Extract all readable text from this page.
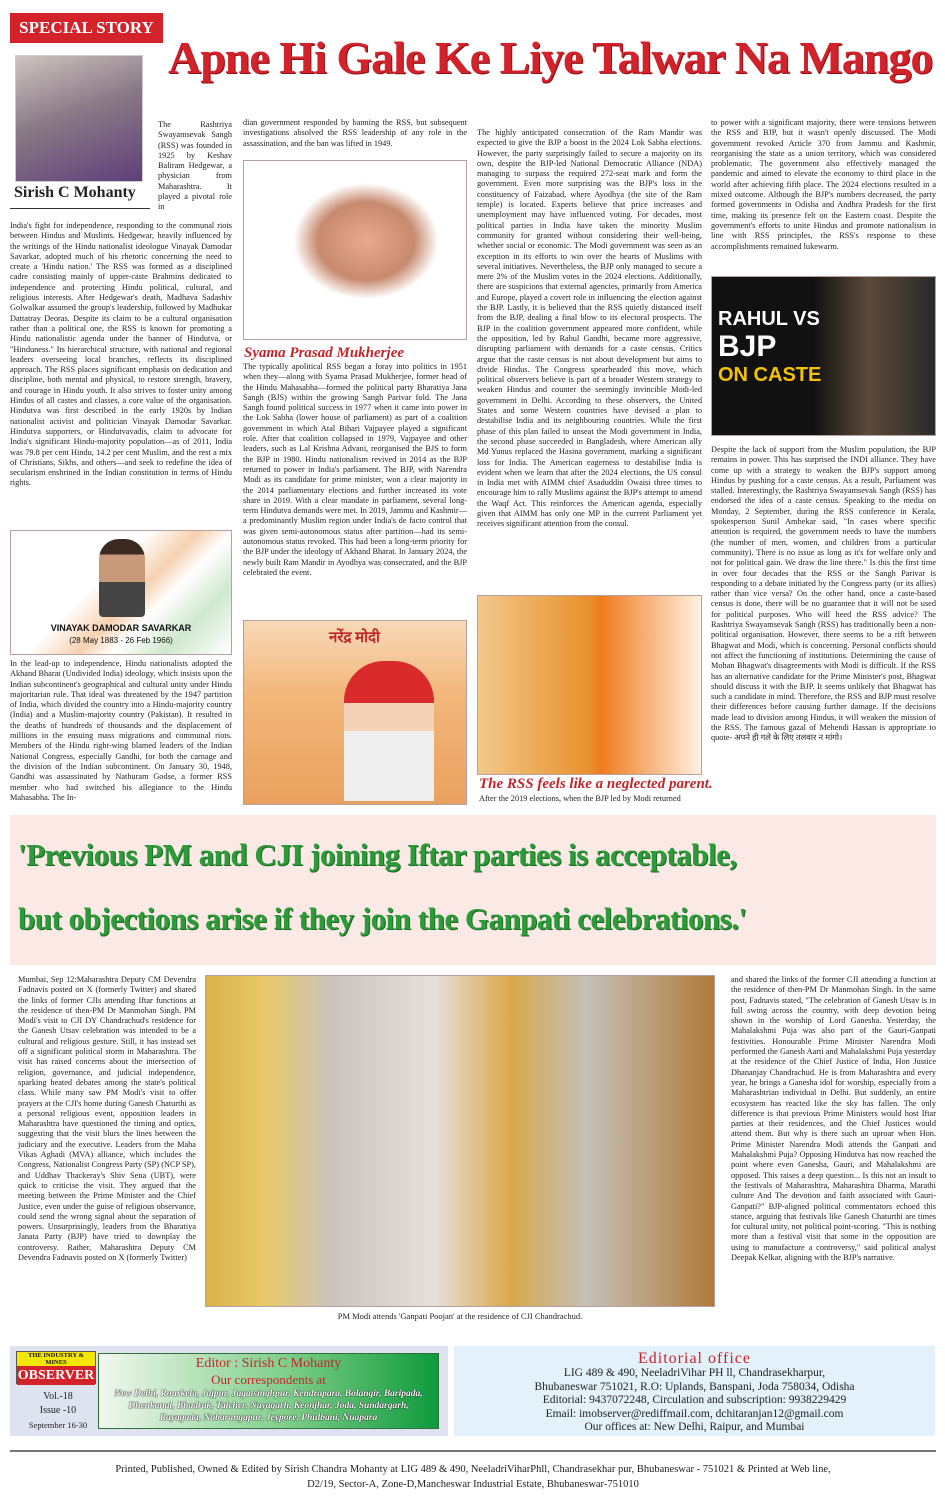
SPECIAL STORY
Apne Hi Gale Ke Liye Talwar Na Mango
Sirish C Mohanty
The Rashtriya Swayamsevak Sangh (RSS) was founded in 1925 by Keshav Baliram Hedgewar, a physician from Maharashtra. It played a pivotal role in
India's fight for independence, responding to the communal riots between Hindus and Muslims. Hedgewar, heavily influenced by the writings of the Hindu nationalist ideologue Vinayak Damodar Savarkar, adopted much of his rhetoric concerning the need to create a 'Hindu nation.' The RSS was formed as a disciplined cadre consisting mainly of upper-caste Brahmins dedicated to independence and protecting Hindu political, cultural, and religious interests. After Hedgewar's death, Madhava Sadashiv Golwalkar assumed the group's leadership, followed by Madhukar Dattatray Deoras. Despite its claim to be a cultural organisation rather than a political one, the RSS is known for promoting a Hindu nationalistic agenda under the banner of Hindutva, or "Hinduness." Its hierarchical structure, with national and regional leaders overseeing local branches, reflects its disciplined approach. The RSS places significant emphasis on dedication and discipline, both mental and physical, to restore strength, bravery, and courage in Hindu youth. It also strives to foster unity among Hindus of all castes and classes, a core value of the organisation. Hindutva was first described in the early 1920s by Indian nationalist activist and politician Vinayak Damodar Savarkar. Hindutva supporters, or Hindutvavadis, claim to advocate for India's significant Hindu-majority population—as of 2011, India was 79.8 per cent Hindu, 14.2 per cent Muslim, and the rest a mix of Christians, Sikhs, and others—and seek to redefine the idea of secularism enshrined in the Indian constitution in terms of Hindu rights.
VINAYAK DAMODAR SAVARKAR
(28 May 1883 - 26 Feb 1966)
In the lead-up to independence, Hindu nationalists adopted the Akhand Bharat (Undivided India) ideology, which insists upon the Indian subcontinent's geographical and cultural unity under Hindu majoritarian rule. That ideal was threatened by the 1947 partition of India, which divided the country into a Hindu-majority country (India) and a Muslim-majority country (Pakistan). It resulted in the deaths of hundreds of thousands and the displacement of millions in the ensuing mass migrations and communal riots. Members of the Hindu right-wing blamed leaders of the Indian National Congress, especially Gandhi, for both the carnage and the division of the Indian subcontinent. On January 30, 1948, Gandhi was assassinated by Nathuram Godse, a former RSS member who had switched his allegiance to the Hindu Mahasabha. The In-
dian government responded by banning the RSS, but subsequent investigations absolved the RSS leadership of any role in the assassination, and the ban was lifted in 1949.
Syama Prasad Mukherjee
The typically apolitical RSS began a foray into politics in 1951 when they—along with Syama Prasad Mukherjee, former head of the Hindu Mahasabha—formed the political party Bharatiya Jana Sangh (BJS) within the growing Sangh Parivar fold. The Jana Sangh found political success in 1977 when it came into power in the Lok Sabha (lower house of parliament) as part of a coalition government in which Atal Bihari Vajpayee played a significant role. After that coalition collapsed in 1979, Vajpayee and other leaders, such as Lal Krishna Advani, reorganised the BJS to form the BJP in 1980. Hindu nationalism revived in 2014 as the BJP returned to power in India's parliament. The BJP, with Narendra Modi as its candidate for prime minister, won a clear majority in the 2014 parliamentary elections and further increased its vote share in 2019. With a clear mandate in parliament, several long-term Hindutva demands were met. In 2019, Jammu and Kashmir—a predominantly Muslim region under India's de facto control that was given semi-autonomous status after partition—had its semi-autonomous status revoked. This had been a long-term priority for the BJP under the ideology of Akhand Bharat. In January 2024, the newly built Ram Mandir in Ayodhya was consecrated, and the BJP celebrated the event.
नरेंद्र मोदी
The highly anticipated consecration of the Ram Mandir was expected to give the BJP a boost in the 2024 Lok Sabha elections. However, the party surprisingly failed to secure a majority on its own, despite the BJP-led National Democratic Alliance (NDA) managing to surpass the required 272-seat mark and form the government. Even more surprising was the BJP's loss in the constituency of Faizabad, where Ayodhya (the site of the Ram temple) is located. Experts believe that price increases and unemployment may have influenced voting. For decades, most political parties in India have taken the minority Muslim community for granted without considering their well-being, whether social or economic. The Modi government was seen as an exception in its efforts to win over the hearts of Muslims with several initiatives. Nevertheless, the BJP only managed to secure a mere 2% of the Muslim votes in the 2024 elections. Additionally, there are suspicions that external agencies, primarily from America and Europe, played a covert role in influencing the election against the BJP. Lastly, it is believed that the RSS quietly distanced itself from the BJP, dealing a final blow to its electoral prospects. The BJP in the coalition government appeared more confident, while the opposition, led by Rahul Gandhi, became more aggressive, disrupting parliament with demands for a caste census. Critics argue that the caste census is not about development but aims to divide Hindus. The Congress spearheaded this move, which political observers believe is part of a broader Western strategy to weaken Hindus and counter the seemingly invincible Modi-led government in Delhi. According to these observers, the United States and some Western countries have devised a plan to destabilise India and its neighbouring countries. While the first phase of this plan failed to unseat the Modi government in India, the second phase succeeded in Bangladesh, where American ally Md Yunus replaced the Hasina government, marking a significant loss for India. The American eagerness to destabilise India is evident when we learn that after the 2024 elections, the US consul in India met with AIMM chief Asaduddin Owaisi three times to encourage him to rally Muslims against the BJP's attempt to amend the Waqf Act. This reinforces the American agenda, especially given that AIMM has only one MP in the current Parliament yet receives significant attention from the consul.
The RSS feels like a neglected parent.
After the 2019 elections, when the BJP led by Modi returned
to power with a significant majority, there were tensions between the RSS and BJP, but it wasn't openly discussed. The Modi government revoked Article 370 from Jammu and Kashmir, reorganising the state as a union territory, which was considered problematic. The government also effectively managed the pandemic and aimed to elevate the economy to third place in the world after achieving fifth place. The 2024 elections resulted in a mixed outcome. Although the BJP's numbers decreased, the party formed governments in Odisha and Andhra Pradesh for the first time, making its presence felt on the Eastern coast. Despite the government's efforts to unite Hindus and promote nationalism in line with RSS principles, the RSS's response to these accomplishments remained lukewarm.
RAHUL VS
BJP
ON CASTE
Despite the lack of support from the Muslim population, the BJP remains in power. This has surprised the INDI alliance. They have come up with a strategy to weaken the BJP's support among Hindus by pushing for a caste census. As a result, Parliament was stalled. Interestingly, the Rashtriya Swayamsevak Sangh (RSS) has endorsed the idea of a caste census. Speaking to the media on Monday, 2 September, during the RSS conference in Kerala, spokesperson Sunil Ambekar said, "In cases where specific attention is required, the government needs to have the numbers (the number of men, women, and children from a particular community). There is no issue as long as it's for welfare only and not for political gain. We draw the line there." Is this the first time in over four decades that the RSS or the Sangh Parivar is responding to a debate initiated by the Congress party (or its allies) rather than vice versa? On the other hand, once a caste-based census is done, there will be no guarantee that it will not be used for political purposes. Who will heed the RSS advice? The Rashtriya Swayamsevak Sangh (RSS) has traditionally been a non-political organisation. However, there seems to be a rift between Bhagwat and Modi, which is concerning. Personal conflicts should not affect the functioning of institutions. Determining the cause of Mohan Bhagwat's disagreements with Modi is difficult. If the RSS has an alternative candidate for the Prime Minister's post, Bhagwat should discuss it with the BJP. It seems unlikely that Bhagwat has such a candidate in mind. Therefore, the RSS and BJP must resolve their differences before causing further damage. If the decisions made lead to division among Hindus, it will weaken the mission of the RSS. The famous gazal of Mehendi Hassan is appropriate to quote- अपने ही गले के लिए तलवार न मांगो।
'Previous PM and CJI joining Iftar parties is acceptable,
but objections arise if they join the Ganpati celebrations.'
Mumbai, Sep 12:Maharashtra Deputy CM Devendra Fadnavis posted on X (formerly Twitter) and shared the links of former CJIs attending Iftar functions at the residence of then-PM Dr Manmohan Singh. PM Modi's visit to CJI DY Chandrachud's residence for the Ganesh Utsav celebration was intended to be a cultural and religious gesture. Still, it has instead set off a significant political storm in Maharashtra. The visit has raised concerns about the intersection of religion, governance, and judicial independence, sparking heated debates among the state's political class. While many saw PM Modi's visit to offer prayers at the CJI's home during Ganesh Chaturthi as a personal religious event, opposition leaders in Maharashtra have questioned the timing and optics, suggesting that the visit blurs the lines between the judiciary and the executive. Leaders from the Maha Vikas Aghadi (MVA) alliance, which includes the Congress, Nationalist Congress Party (SP) (NCP SP), and Uddhav Thackeray's Shiv Sena (UBT), were quick to criticise the visit. They argued that the meeting between the Prime Minister and the Chief Justice, even under the guise of religious observance, could send the wrong signal about the separation of powers. Unsurprisingly, leaders from the Bharatiya Janata Party (BJP) have tried to downplay the controversy. Rather, Maharashtra Deputy CM Devendra Fadnavis posted on X (formerly Twitter)
PM Modi attends 'Ganpati Poojan' at the residence of CJI Chandrachud.
and shared the links of the former CJI attending a function at the residence of then-PM Dr Manmohan Singh. In the same post, Fadnavis stated, "The celebration of Ganesh Utsav is in full swing across the country, with deep devotion being shown in the worship of Lord Ganesha. Yesterday, the Mahalakshmi Puja was also part of the Gauri-Ganpati festivities. Honourable Prime Minister Narendra Modi performed the Ganesh Aarti and Mahalakshmi Puja yesterday at the residence of the Chief Justice of India, Hon Justice Dhananjay Chandrachud. He is from Maharashtra and every year, he brings a Ganesha idol for worship, especially from a Maharashtrian individual in Delhi. But suddenly, an entire ecosystem has reacted like the sky has fallen. The only difference is that previous Prime Ministers would host Iftar parties at their residences, and the Chief Justices would attend them. But why is there such an uproar when Hon. Prime Minister Narendra Modi attends the Ganpati and Mahalakshmi Puja? Opposing Hindutva has now reached the point where even Ganesha, Gauri, and Mahalakshmi are opposed. This raises a deep question... Is this not an insult to the festivals of Maharashtra, Maharashtra Dharma, Marathi culture And The devotion and faith associated with Gauri-Ganpati?" BJP-aligned political commentators echoed this stance, arguing that festivals like Ganesh Chaturthi are times for cultural unity, not political point-scoring. "This is nothing more than a festival visit that some in the opposition are using to manufacture a controversy," said political analyst Deepak Kelkar, aligning with the BJP's narrative.
THE INDUSTRY & MINES
OBSERVER
Vol.-18
Issue -10
September 16-30
Editor : Sirish C Mohanty
Our correspondents at
New Delhi, Rourkela, Jajpur, Jagatsinghpur, Kendrapara, Bolangir, Baripada, Dhenkanal, Bhadrak, Talcher, Nayagarh, Keonjhar, Joda, Sundargarh, Rayagada, Nabarangapur, Jeypore, Phulbani, Nuapara
Editorial office
LIG 489 & 490, NeeladriVihar PH ll, Chandrasekharpur,
Bhubaneswar 751021, R.O: Uplands, Banspani, Joda 758034, Odisha
Editorial: 9437072248, Circulation and subscription: 9938229429
Email: imobserver@rediffmail.com, dchitaranjan12@gmail.com
Our offices at: New Delhi, Raipur, and Mumbai
Printed, Published, Owned & Edited by Sirish Chandra Mohanty at LIG 489 & 490, NeeladriViharPhll, Chandrasekhar pur, Bhubaneswar - 751021 & Printed at Web line,
D2/19, Sector-A, Zone-D,Mancheswar Industrial Estate, Bhubaneswar-751010
